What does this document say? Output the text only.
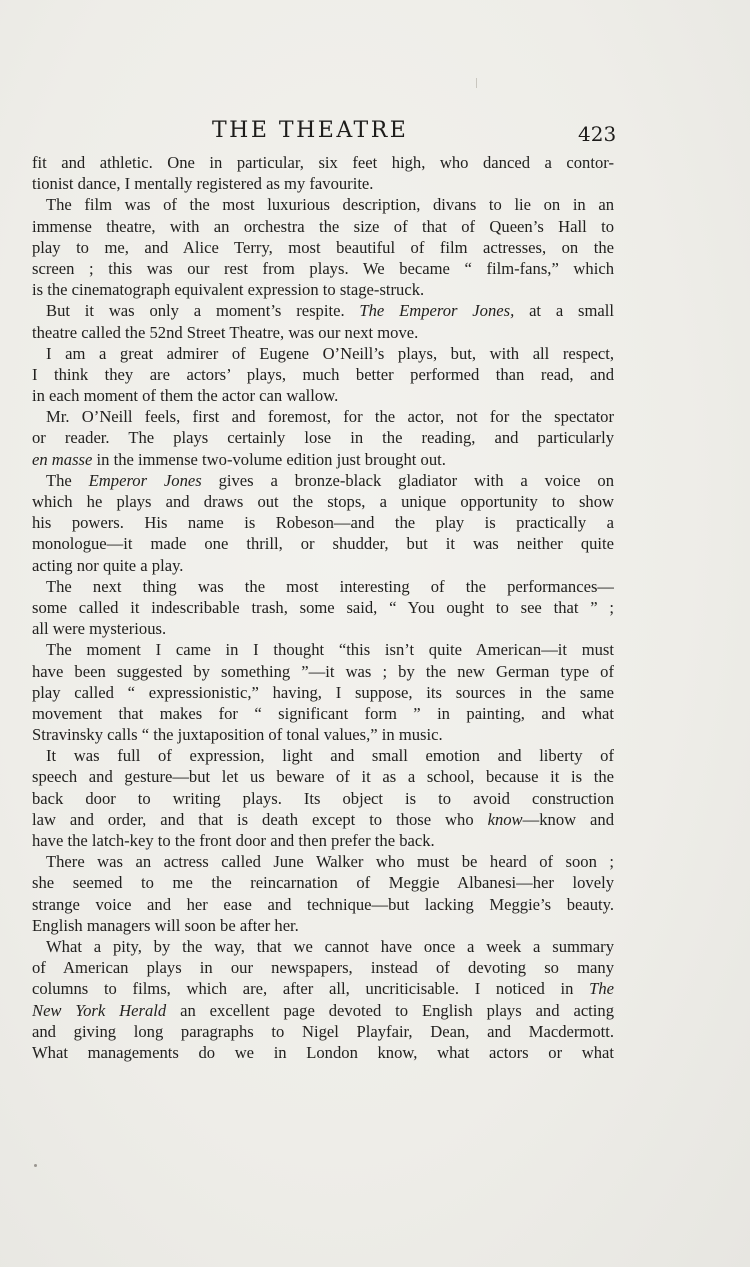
THE THEATRE	423
fit and athletic. One in particular, six feet high, who danced a contor-
tionist dance, I mentally registered as my favourite.
The film was of the most luxurious description, divans to lie on in an
immense theatre, with an orchestra the size of that of Queen’s Hall to
play to me, and Alice Terry, most beautiful of film actresses, on the
screen ; this was our rest from plays. We became “ film-fans,” which
is the cinematograph equivalent expression to stage-struck.
But it was only a moment’s respite. The Emperor Jones, at a small
theatre called the 52nd Street Theatre, was our next move.
I am a great admirer of Eugene O’Neill’s plays, but, with all respect,
I think they are actors’ plays, much better performed than read, and
in each moment of them the actor can wallow.
Mr. O’Neill feels, first and foremost, for the actor, not for the spectator
or reader. The plays certainly lose in the reading, and particularly
en masse in the immense two-volume edition just brought out.
The Emperor Jones gives a bronze-black gladiator with a voice on
which he plays and draws out the stops, a unique opportunity to show
his powers. His name is Robeson—and the play is practically a
monologue—it made one thrill, or shudder, but it was neither quite
acting nor quite a play.
The next thing was the most interesting of the performances—
some called it indescribable trash, some said, “ You ought to see that ” ;
all were mysterious.
The moment I came in I thought “this isn’t quite American—it must
have been suggested by something ”—it was ; by the new German type of
play called “ expressionistic,” having, I suppose, its sources in the same
movement that makes for “ significant form ” in painting, and what
Stravinsky calls “ the juxtaposition of tonal values,” in music.
It was full of expression, light and small emotion and liberty of
speech and gesture—but let us beware of it as a school, because it is the
back door to writing plays. Its object is to avoid construction
law and order, and that is death except to those who know—know and
have the latch-key to the front door and then prefer the back.
There was an actress called June Walker who must be heard of soon ;
she seemed to me the reincarnation of Meggie Albanesi—her lovely
strange voice and her ease and technique—but lacking Meggie’s beauty.
English managers will soon be after her.
What a pity, by the way, that we cannot have once a week a summary
of American plays in our newspapers, instead of devoting so many
columns to films, which are, after all, uncriticisable. I noticed in The
New York Herald an excellent page devoted to English plays and acting
and giving long paragraphs to Nigel Playfair, Dean, and Macdermott.
What managements do we in London know, what actors or what
